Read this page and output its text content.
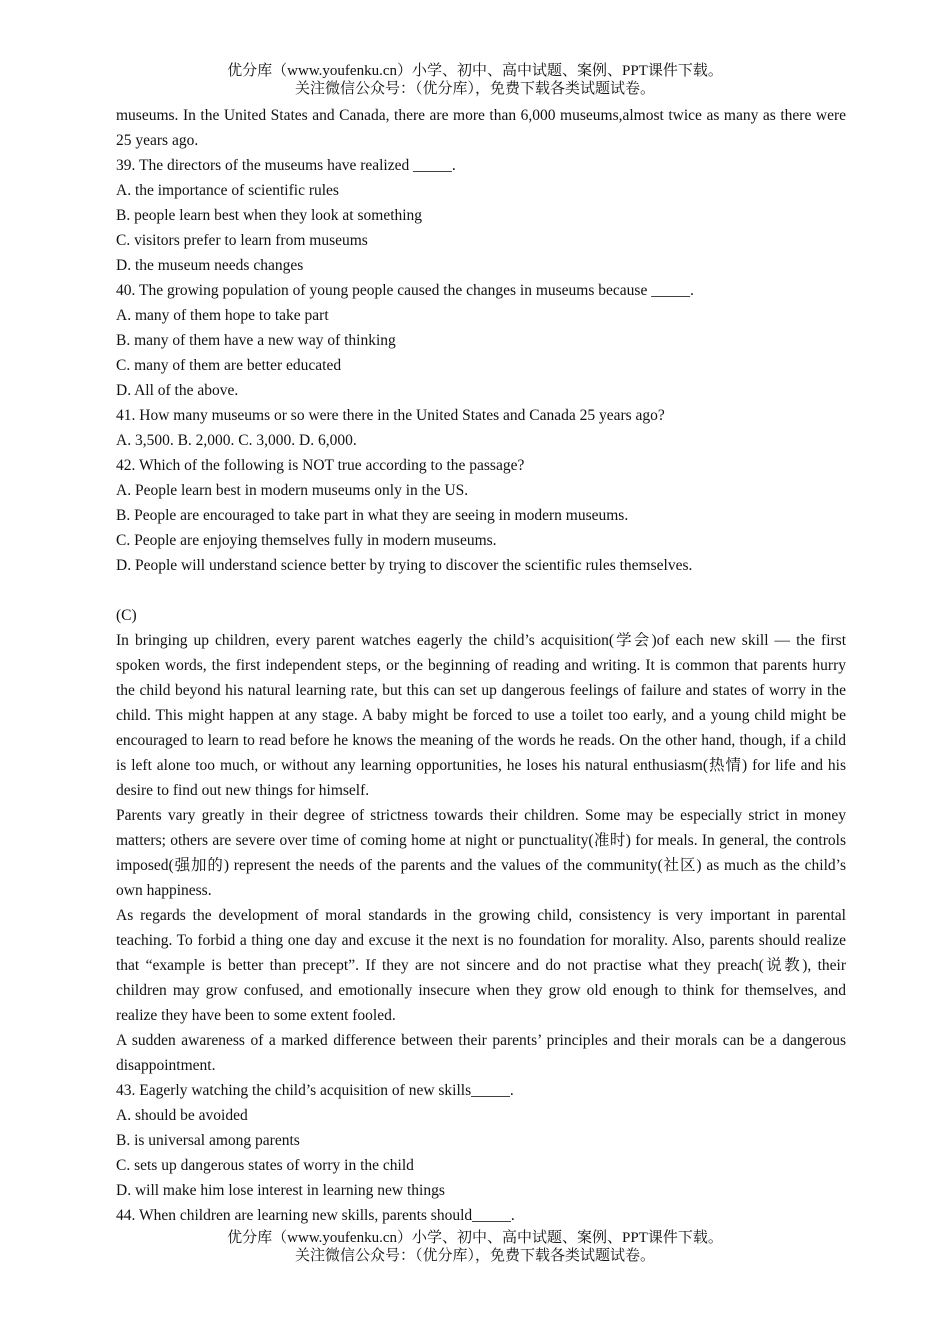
优分库（www.youfenku.cn）小学、初中、高中试题、案例、PPT课件下载。
关注微信公众号：（优分库），免费下载各类试题试卷。

museums. In the United States and Canada, there are more than 6,000 museums,almost twice as many as there were 25 years ago.

39. The directors of the museums have realized _____.

A. the importance of scientific rules

B. people learn best when they look at something

C. visitors prefer to learn from museums

D. the museum needs changes

40. The growing population of young people caused the changes in museums because _____.

A. many of them hope to take part

B. many of them have a new way of thinking

C. many of them are better educated

D. All of the above.

41. How many museums or so were there in the United States and Canada 25 years ago?

A. 3,500. B. 2,000. C. 3,000. D. 6,000.

42. Which of the following is NOT true according to the passage?

A. People learn best in modern museums only in the US.

B. People are encouraged to take part in what they are seeing in modern museums.

C. People are enjoying themselves fully in modern museums.

D. People will understand science better by trying to discover the scientific rules themselves.

(C)

In bringing up children, every parent watches eagerly the child’s acquisition(学会)of each new skill — the first spoken words, the first independent steps, or the beginning of reading and writing. It is common that parents hurry the child beyond his natural learning rate, but this can set up dangerous feelings of failure and states of worry in the child. This might happen at any stage. A baby might be forced to use a toilet too early, and a young child might be encouraged to learn to read before he knows the meaning of the words he reads. On the other hand, though, if a child is left alone too much, or without any learning opportunities, he loses his natural enthusiasm(热情) for life and his desire to find out new things for himself.

Parents vary greatly in their degree of strictness towards their children. Some may be especially strict in money matters; others are severe over time of coming home at night or punctuality(准时) for meals. In general, the controls imposed(强加的) represent the needs of the parents and the values of the community(社区) as much as the child’s own happiness.

As regards the development of moral standards in the growing child, consistency is very important in parental teaching. To forbid a thing one day and excuse it the next is no foundation for morality. Also, parents should realize that “example is better than precept”. If they are not sincere and do not practise what they preach(说教), their children may grow confused, and emotionally insecure when they grow old enough to think for themselves, and realize they have been to some extent fooled.

A sudden awareness of a marked difference between their parents’ principles and their morals can be a dangerous disappointment.

43. Eagerly watching the child’s acquisition of new skills_____.

A. should be avoided

B. is universal among parents

C. sets up dangerous states of worry in the child

D. will make him lose interest in learning new things

44. When children are learning new skills, parents should_____.

优分库（www.youfenku.cn）小学、初中、高中试题、案例、PPT课件下载。
关注微信公众号：（优分库），免费下载各类试题试卷。
